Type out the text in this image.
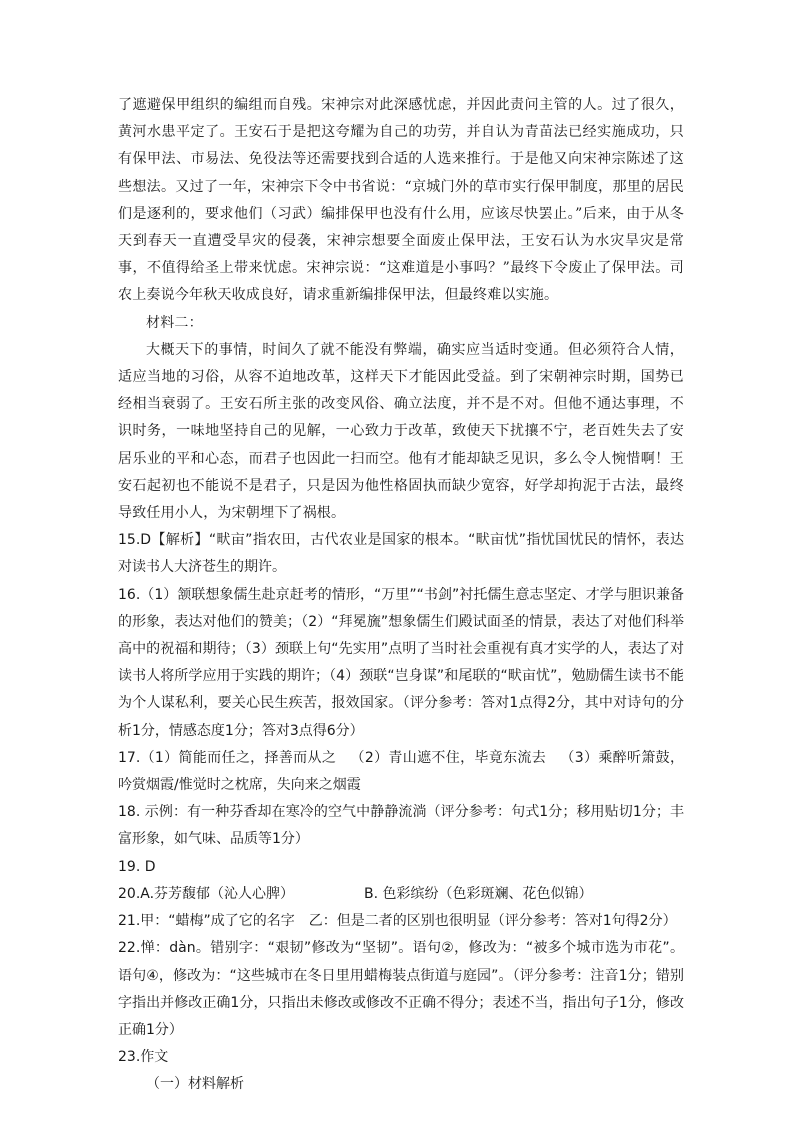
了遮避保甲组织的编组而自残。宋神宗对此深感忧虑，并因此责问主管的人。过了很久，黄河水患平定了。王安石于是把这夸耀为自己的功劳，并自认为青苗法已经实施成功，只有保甲法、市易法、免役法等还需要找到合适的人选来推行。于是他又向宋神宗陈述了这些想法。又过了一年，宋神宗下令中书省说：“京城门外的草市实行保甲制度，那里的居民们是逐利的，要求他们（习武）编排保甲也没有什么用，应该尽快罢止。”后来，由于从冬天到春天一直遭受旱灾的侵袭，宋神宗想要全面废止保甲法，王安石认为水灾旱灾是常事，不值得给圣上带来忧虑。宋神宗说：“这难道是小事吗？”最终下令废止了保甲法。司农上奏说今年秋天收成良好，请求重新编排保甲法，但最终难以实施。

材料二：

大概天下的事情，时间久了就不能没有弊端，确实应当适时变通。但必须符合人情，适应当地的习俗，从容不迫地改革，这样天下才能因此受益。到了宋朝神宗时期，国势已经相当衰弱了。王安石所主张的改变风俗、确立法度，并不是不对。但他不通达事理，不识时务，一味地坚持自己的见解，一心致力于改革，致使天下扰攘不宁，老百姓失去了安居乐业的平和心态，而君子也因此一扫而空。他有才能却缺乏见识，多么令人惋惜啊！王安石起初也不能说不是君子，只是因为他性格固执而缺少宽容，好学却拘泥于古法，最终导致任用小人，为宋朝埋下了祸根。

15.D【解析】“畎亩”指农田，古代农业是国家的根本。“畎亩忧”指忧国忧民的情怀，表达对读书人大济苍生的期许。

16.（1）颔联想象儒生赴京赶考的情形，“万里”“书剑”衬托儒生意志坚定、才学与胆识兼备的形象，表达对他们的赞美；（2）“拜冕旒”想象儒生们殿试面圣的情景，表达了对他们科举高中的祝福和期待；（3）颈联上句“先实用”点明了当时社会重视有真才实学的人，表达了对读书人将所学应用于实践的期许；（4）颈联“岂身谋”和尾联的“畎亩忧”，勉励儒生读书不能为个人谋私利，要关心民生疾苦，报效国家。（评分参考：答对1点得2分，其中对诗句的分析1分，情感态度1分；答对3点得6分）

17.（1）简能而任之，择善而从之  （2）青山遮不住，毕竟东流去  （3）乘醉听箫鼓，吟赏烟霞/惟觉时之枕席，失向来之烟霞

18. 示例：有一种芬香却在寒冷的空气中静静流淌（评分参考：句式1分；移用贴切1分；丰富形象，如气味、品质等1分）

19. D

20.A.芬芳馥郁（沁人心脾）	B. 色彩缤纷（色彩斑斓、花色似锦）

21.甲：“蜡梅”成了它的名字　乙：但是二者的区别也很明显（评分参考：答对1句得2分）

22.惮：dàn。错别字：“艰韧”修改为“坚韧”。语句②，修改为：“被多个城市选为市花”。语句④，修改为：“这些城市在冬日里用蜡梅装点街道与庭园”。（评分参考：注音1分；错别字指出并修改正确1分，只指出未修改或修改不正确不得分；表述不当，指出句子1分，修改正确1分）

23.作文

（一）材料解析
